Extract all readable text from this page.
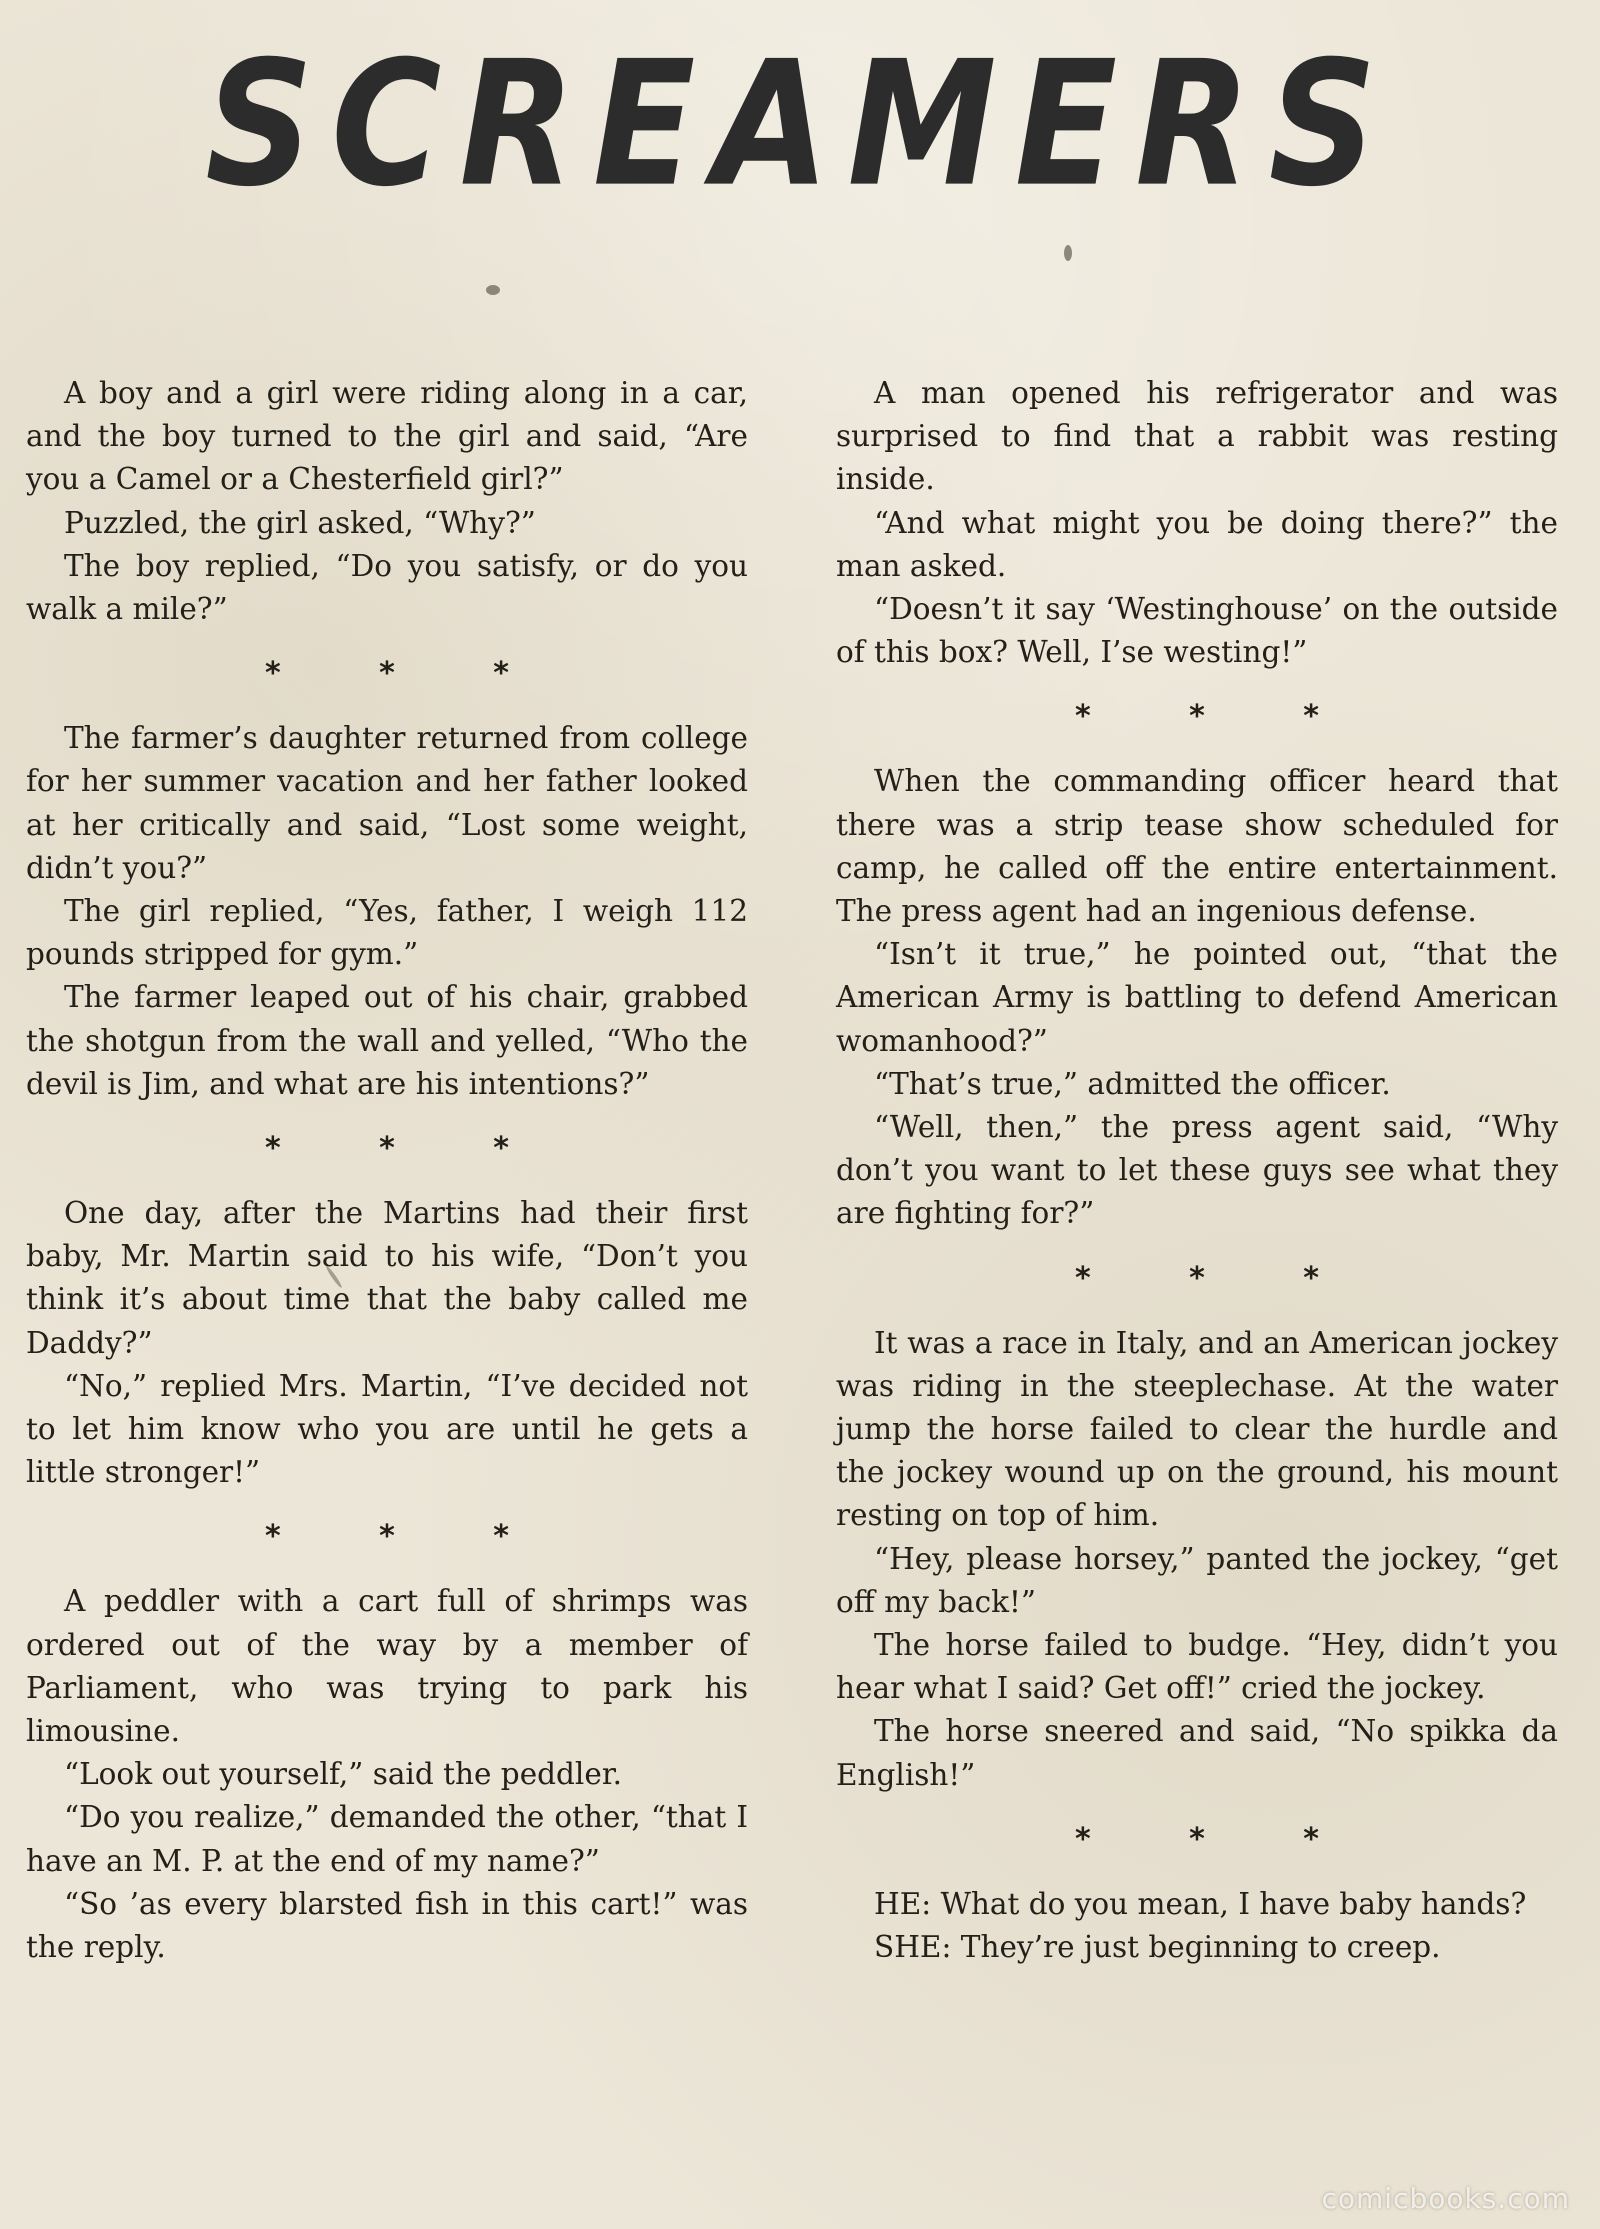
SCREAMERS

A boy and a girl were riding along in a car, and the boy turned to the girl and said, “Are you a Camel or a Chesterfield girl?”

Puzzled, the girl asked, “Why?”

The boy replied, “Do you satisfy, or do you walk a mile?”

* * *

The farmer’s daughter returned from college for her summer vacation and her father looked at her critically and said, “Lost some weight, didn’t you?”

The girl replied, “Yes, father, I weigh 112 pounds stripped for gym.”

The farmer leaped out of his chair, grabbed the shotgun from the wall and yelled, “Who the devil is Jim, and what are his intentions?”

* * *

One day, after the Martins had their first baby, Mr. Martin said to his wife, “Don’t you think it’s about time that the baby called me Daddy?”

“No,” replied Mrs. Martin, “I’ve decided not to let him know who you are until he gets a little stronger!”

* * *

A peddler with a cart full of shrimps was ordered out of the way by a member of Parliament, who was trying to park his limousine.

“Look out yourself,” said the peddler.

“Do you realize,” demanded the other, “that I have an M. P. at the end of my name?”

“So ’as every blarsted fish in this cart!” was the reply.

A man opened his refrigerator and was surprised to find that a rabbit was resting inside.

“And what might you be doing there?” the man asked.

“Doesn’t it say ‘Westinghouse’ on the outside of this box? Well, I’se westing!”

* * *

When the commanding officer heard that there was a strip tease show scheduled for camp, he called off the entire entertainment. The press agent had an ingenious defense.

“Isn’t it true,” he pointed out, “that the American Army is battling to defend American womanhood?”

“That’s true,” admitted the officer.

“Well, then,” the press agent said, “Why don’t you want to let these guys see what they are fighting for?”

* * *

It was a race in Italy, and an American jockey was riding in the steeplechase. At the water jump the horse failed to clear the hurdle and the jockey wound up on the ground, his mount resting on top of him.

“Hey, please horsey,” panted the jockey, “get off my back!”

The horse failed to budge. “Hey, didn’t you hear what I said? Get off!” cried the jockey.

The horse sneered and said, “No spikka da English!”

* * *

HE: What do you mean, I have baby hands?

SHE: They’re just beginning to creep.

comicbooks.com
